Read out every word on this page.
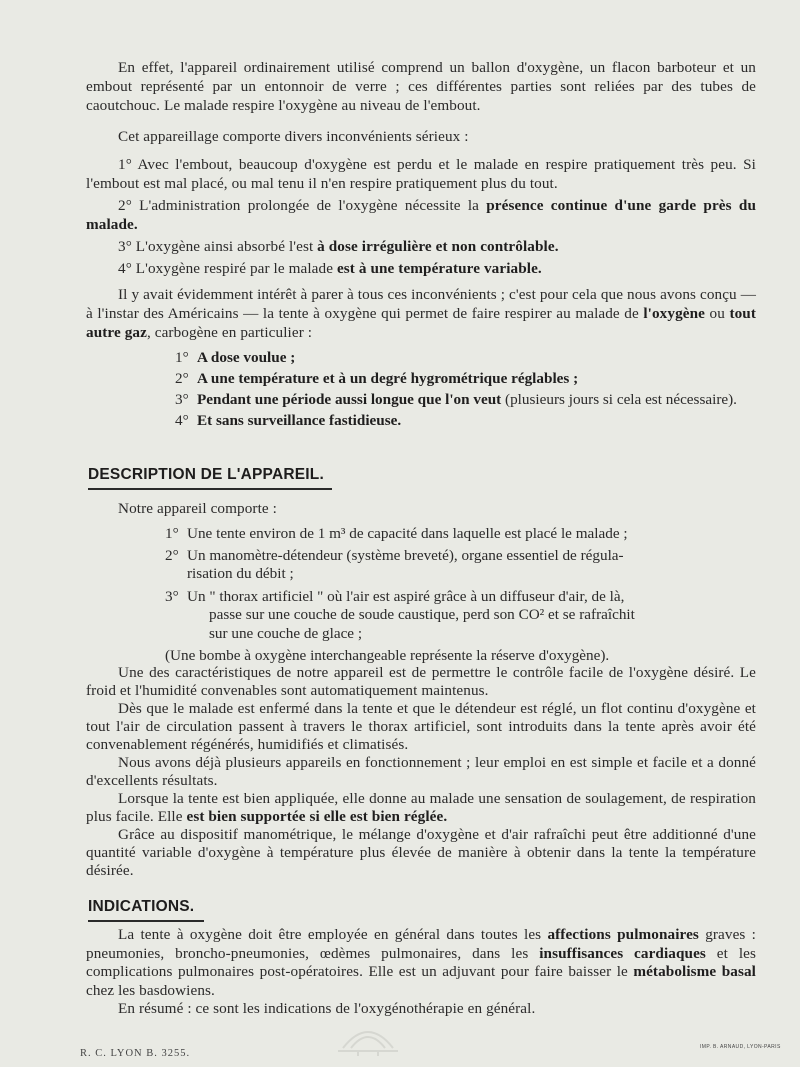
En effet, l'appareil ordinairement utilisé comprend un ballon d'oxygène, un flacon barboteur et un embout représenté par un entonnoir de verre ; ces différentes parties sont reliées par des tubes de caoutchouc. Le malade respire l'oxygène au niveau de l'embout.

Cet appareillage comporte divers inconvénients sérieux :

1° Avec l'embout, beaucoup d'oxygène est perdu et le malade en respire pratiquement très peu. Si l'embout est mal placé, ou mal tenu il n'en respire pratiquement plus du tout.

2° L'administration prolongée de l'oxygène nécessite la présence continue d'une garde près du malade.

3° L'oxygène ainsi absorbé l'est à dose irrégulière et non contrôlable.

4° L'oxygène respiré par le malade est à une température variable.

Il y avait évidemment intérêt à parer à tous ces inconvénients ; c'est pour cela que nous avons conçu — à l'instar des Américains — la tente à oxygène qui permet de faire respirer au malade de l'oxygène ou tout autre gaz, carbogène en particulier :

1° A dose voulue ;
2° A une température et à un degré hygrométrique réglables ;
3° Pendant une période aussi longue que l'on veut (plusieurs jours si cela est nécessaire).
4° Et sans surveillance fastidieuse.
DESCRIPTION DE L'APPAREIL.

Notre appareil comporte :

1° Une tente environ de 1 m³ de capacité dans laquelle est placé le malade ;
2° Un manomètre-détendeur (système breveté), organe essentiel de régula-
risation du débit ;
3° Un " thorax artificiel " où l'air est aspiré grâce à un diffuseur d'air, de là,
passe sur une couche de soude caustique, perd son CO² et se rafraîchit
sur une couche de glace ;
(Une bombe à oxygène interchangeable représente la réserve d'oxygène).

Une des caractéristiques de notre appareil est de permettre le contrôle facile de l'oxygène désiré. Le froid et l'humidité convenables sont automatiquement maintenus.

Dès que le malade est enfermé dans la tente et que le détendeur est réglé, un flot continu d'oxygène et tout l'air de circulation passent à travers le thorax artificiel, sont introduits dans la tente après avoir été convenablement régénérés, humidifiés et climatisés.

Nous avons déjà plusieurs appareils en fonctionnement ; leur emploi en est simple et facile et a donné d'excellents résultats.

Lorsque la tente est bien appliquée, elle donne au malade une sensation de soulagement, de respiration plus facile. Elle est bien supportée si elle est bien réglée.

Grâce au dispositif manométrique, le mélange d'oxygène et d'air rafraîchi peut être additionné d'une quantité variable d'oxygène à température plus élevée de manière à obtenir dans la tente la température désirée.

INDICATIONS.

La tente à oxygène doit être employée en général dans toutes les affections pulmonaires graves : pneumonies, broncho-pneumonies, œdèmes pulmonaires, dans les insuffisances cardiaques et les complications pulmonaires post-opératoires. Elle est un adjuvant pour faire baisser le métabolisme basal chez les basdowiens.

En résumé : ce sont les indications de l'oxygénothérapie en général.

R. C. LYON B. 3255.
IMP. B. ARNAUD, LYON-PARIS
